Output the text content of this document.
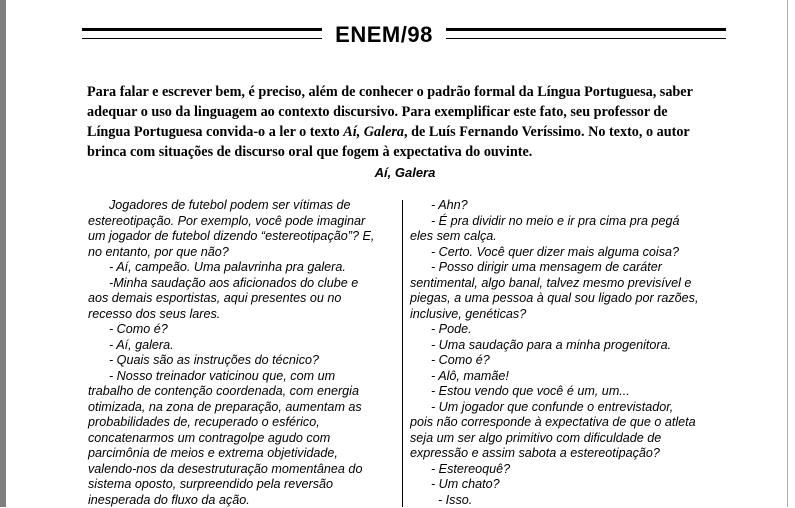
ENEM/98
Para falar e escrever bem, é preciso, além de conhecer o padrão formal da Língua Portuguesa, saber
adequar o uso da linguagem ao contexto discursivo. Para exemplificar este fato, seu professor de
Língua Portuguesa convida-o a ler o texto Aí, Galera, de Luís Fernando Veríssimo. No texto, o autor
brinca com situações de discurso oral que fogem à expectativa do ouvinte.
Aí, Galera

Jogadores de futebol podem ser vítimas de

estereotipação. Por exemplo, você pode imaginar

um jogador de futebol dizendo “estereotipação”? E,

no entanto, por que não?

- Aí, campeão. Uma palavrinha pra galera.

-Minha saudação aos aficionados do clube e

aos demais esportistas, aqui presentes ou no

recesso dos seus lares.

- Como é?

- Aí, galera.

- Quais são as instruções do técnico?

- Nosso treinador vaticinou que, com um

trabalho de contenção coordenada, com energia

otimizada, na zona de preparação, aumentam as

probabilidades de, recuperado o esférico,

concatenarmos um contragolpe agudo com

parcimônia de meios e extrema objetividade,

valendo-nos da desestruturação momentânea do

sistema oposto, surpreendido pela reversão

inesperada do fluxo da ação.

- Ahn?

- É pra dividir no meio e ir pra cima pra pegá

eles sem calça.

- Certo. Você quer dizer mais alguma coisa?

- Posso dirigir uma mensagem de caráter

sentimental, algo banal, talvez mesmo previsível e

piegas, a uma pessoa à qual sou ligado por razões,

inclusive, genéticas?

- Pode.

- Uma saudação para a minha progenitora.

- Como é?

- Alô, mamãe!

- Estou vendo que você é um, um...

- Um jogador que confunde o entrevistador,

pois não corresponde à expectativa de que o atleta

seja um ser algo primitivo com dificuldade de

expressão e assim sabota a estereotipação?

- Estereoquê?

- Um chato?

- Isso.
